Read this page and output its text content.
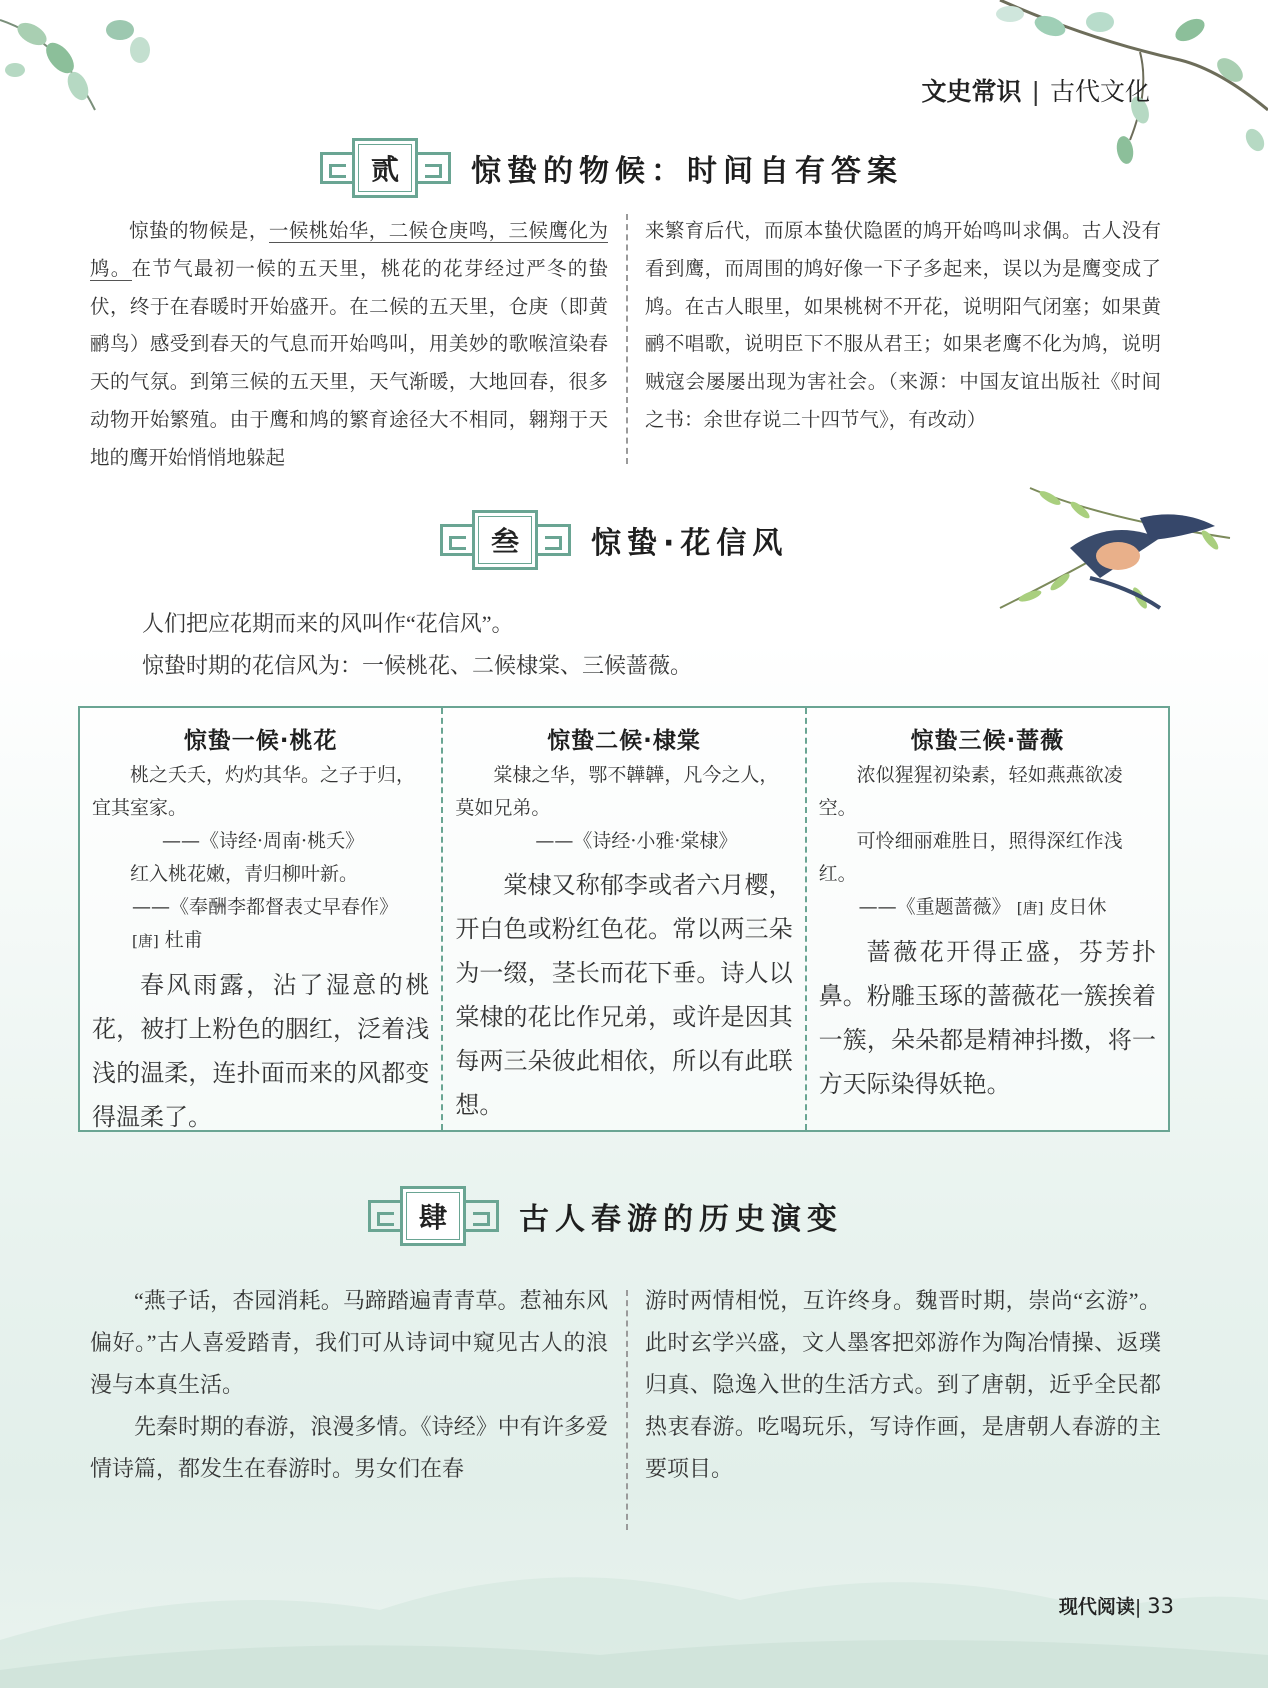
文史常识 | 古代文化
贰	惊蛰的物候：时间自有答案

惊蛰的物候是，一候桃始华，二候仓庚鸣，三候鹰化为鸠。在节气最初一候的五天里，桃花的花芽经过严冬的蛰伏，终于在春暖时开始盛开。在二候的五天里，仓庚（即黄鹂鸟）感受到春天的气息而开始鸣叫，用美妙的歌喉渲染春天的气氛。到第三候的五天里，天气渐暖，大地回春，很多动物开始繁殖。由于鹰和鸠的繁育途径大不相同，翱翔于天地的鹰开始悄悄地躲起

来繁育后代，而原本蛰伏隐匿的鸠开始鸣叫求偶。古人没有看到鹰，而周围的鸠好像一下子多起来，误以为是鹰变成了鸠。在古人眼里，如果桃树不开花，说明阳气闭塞；如果黄鹂不唱歌，说明臣下不服从君王；如果老鹰不化为鸠，说明贼寇会屡屡出现为害社会。（来源：中国友谊出版社《时间之书：余世存说二十四节气》，有改动）

叁	惊蛰·花信风
人们把应花期而来的风叫作“花信风”。
惊蛰时期的花信风为：一候桃花、二候棣棠、三候蔷薇。
惊蛰一候·桃花

桃之夭夭，灼灼其华。之子于归，宜其室家。

——《诗经·周南·桃夭》

红入桃花嫩，青归柳叶新。

——《奉酬李都督表丈早春作》 [唐] 杜甫

春风雨露，沾了湿意的桃花，被打上粉色的胭红，泛着浅浅的温柔，连扑面而来的风都变得温柔了。

惊蛰二候·棣棠

棠棣之华，鄂不韡韡，凡今之人，莫如兄弟。

——《诗经·小雅·棠棣》

棠棣又称郁李或者六月樱，开白色或粉红色花。常以两三朵为一缀，茎长而花下垂。诗人以棠棣的花比作兄弟，或许是因其每两三朵彼此相依，所以有此联想。

惊蛰三候·蔷薇

浓似猩猩初染素，轻如燕燕欲凌空。

可怜细丽难胜日，照得深红作浅红。

——《重题蔷薇》 [唐] 皮日休

蔷薇花开得正盛，芬芳扑鼻。粉雕玉琢的蔷薇花一簇挨着一簇，朵朵都是精神抖擞，将一方天际染得妖艳。

肆	古人春游的历史演变

“燕子话，杏园消耗。马蹄踏遍青青草。惹袖东风偏好。”古人喜爱踏青，我们可从诗词中窥见古人的浪漫与本真生活。

先秦时期的春游，浪漫多情。《诗经》中有许多爱情诗篇，都发生在春游时。男女们在春

游时两情相悦，互许终身。魏晋时期，崇尚“玄游”。此时玄学兴盛，文人墨客把郊游作为陶冶情操、返璞归真、隐逸入世的生活方式。到了唐朝，近乎全民都热衷春游。吃喝玩乐，写诗作画，是唐朝人春游的主要项目。

现代阅读| 33
